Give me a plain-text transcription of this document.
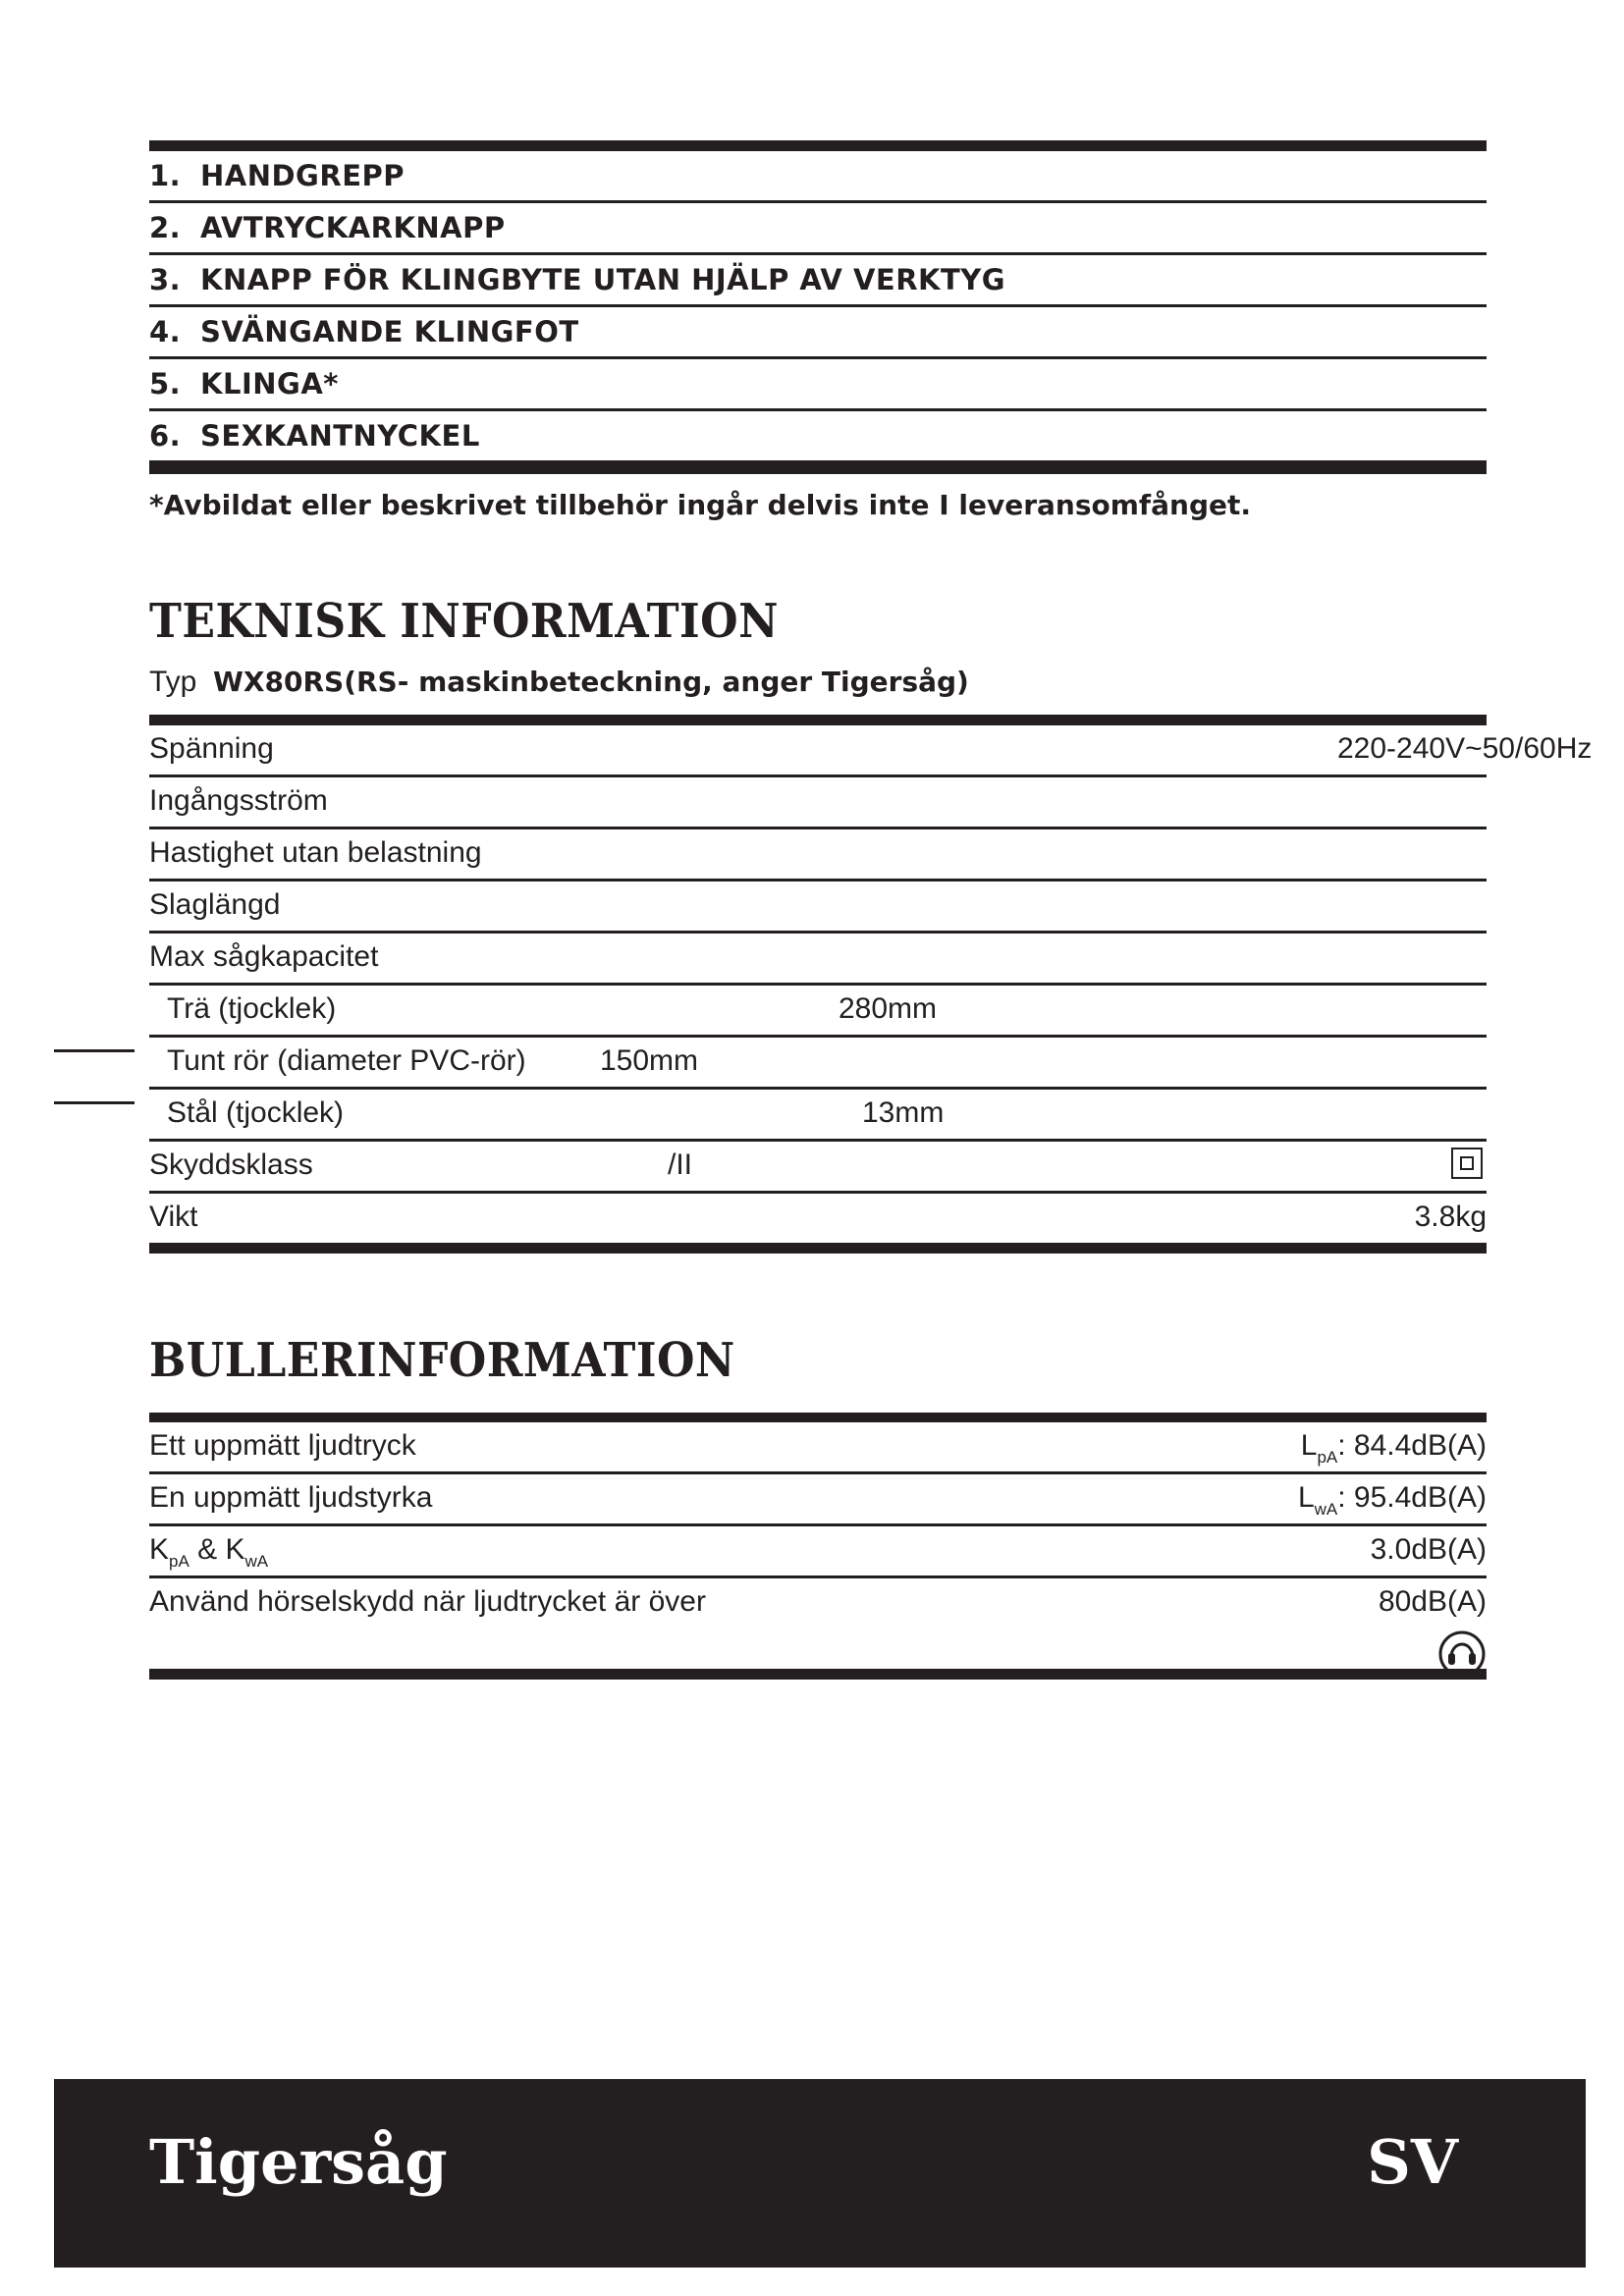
1. HANDGREPP
2. AVTRYCKARKNAPP
3. KNAPP FÖR KLINGBYTE UTAN HJÄLP AV VERKTYG
4. SVÄNGANDE KLINGFOT
5. KLINGA*
6. SEXKANTNYCKEL
*Avbildat eller beskrivet tillbehör ingår delvis inte I leveransomfånget.
TEKNISK INFORMATION
Typ WX80RS(RS- maskinbeteckning, anger Tigersåg)
Spänning	220-240V~50/60Hz
Ingångsström
Hastighet utan belastning
Slaglängd
Max sågkapacitet
Trä (tjocklek)	280mm
Tunt rör (diameter PVC-rör)	150mm
Stål (tjocklek)	13mm
Skyddsklass	/II
Vikt	3.8kg
BULLERINFORMATION
Ett uppmätt ljudtryck	$L_{pA}$: 84.4dB(A)
En uppmätt ljudstyrka	$L_{wA}$: 95.4dB(A)
$K_{pA}$ & $K_{wA}$	3.0dB(A)
Använd hörselskydd när ljudtrycket är över	80dB(A)
Tigersåg	SV
